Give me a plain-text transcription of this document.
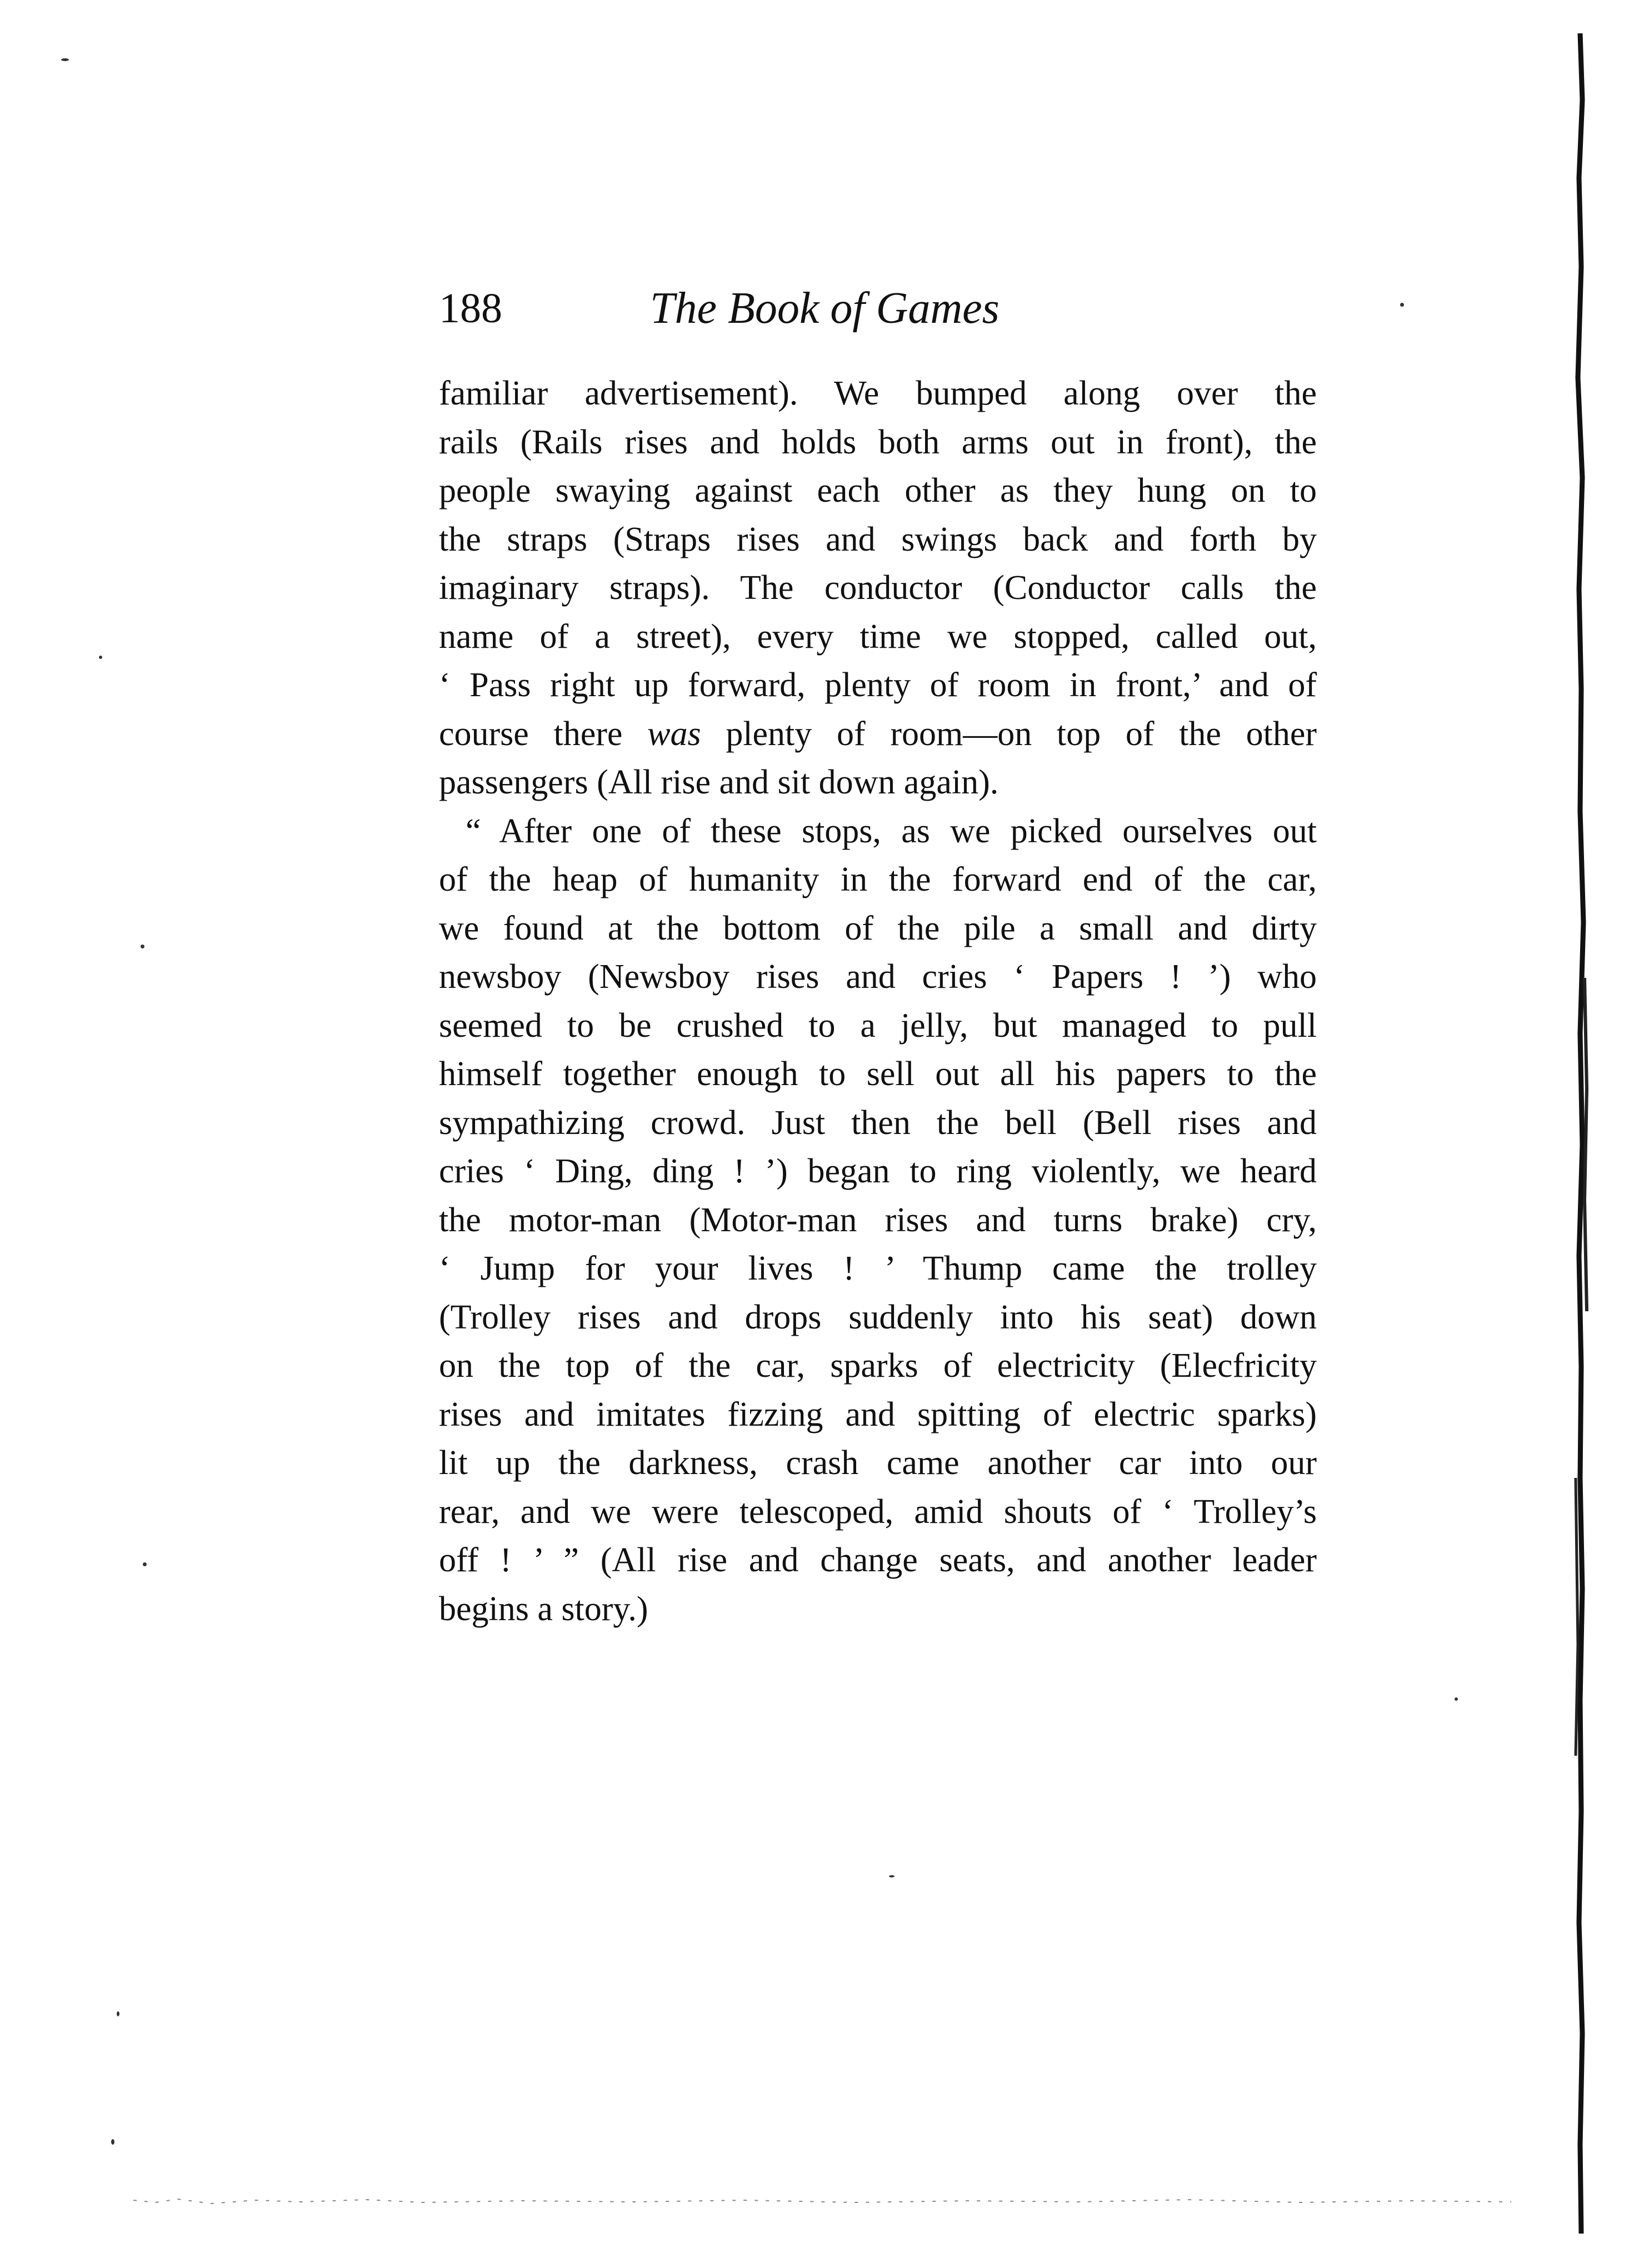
188	The Book of Games
familiar advertisement). We bumped along over the
rails (Rails rises and holds both arms out in front), the
people swaying against each other as they hung on to
the straps (Straps rises and swings back and forth by
imaginary straps). The conductor (Conductor calls the
name of a street), every time we stopped, called out,
‘ Pass right up forward, plenty of room in front,’ and of
course there was plenty of room—on top of the other
passengers (All rise and sit down again).
“ After one of these stops, as we picked ourselves out
of the heap of humanity in the forward end of the car,
we found at the bottom of the pile a small and dirty
newsboy (Newsboy rises and cries ‘ Papers ! ’) who
seemed to be crushed to a jelly, but managed to pull
himself together enough to sell out all his papers to the
sympathizing crowd. Just then the bell (Bell rises and
cries ‘ Ding, ding ! ’) began to ring violently, we heard
the motor-man (Motor-man rises and turns brake) cry,
‘ Jump for your lives ! ’ Thump came the trolley
(Trolley rises and drops suddenly into his seat) down
on the top of the car, sparks of electricity (Elecfricity
rises and imitates fizzing and spitting of electric sparks)
lit up the darkness, crash came another car into our
rear, and we were telescoped, amid shouts of ‘ Trolley’s
off ! ’ ” (All rise and change seats, and another leader
begins a story.)
